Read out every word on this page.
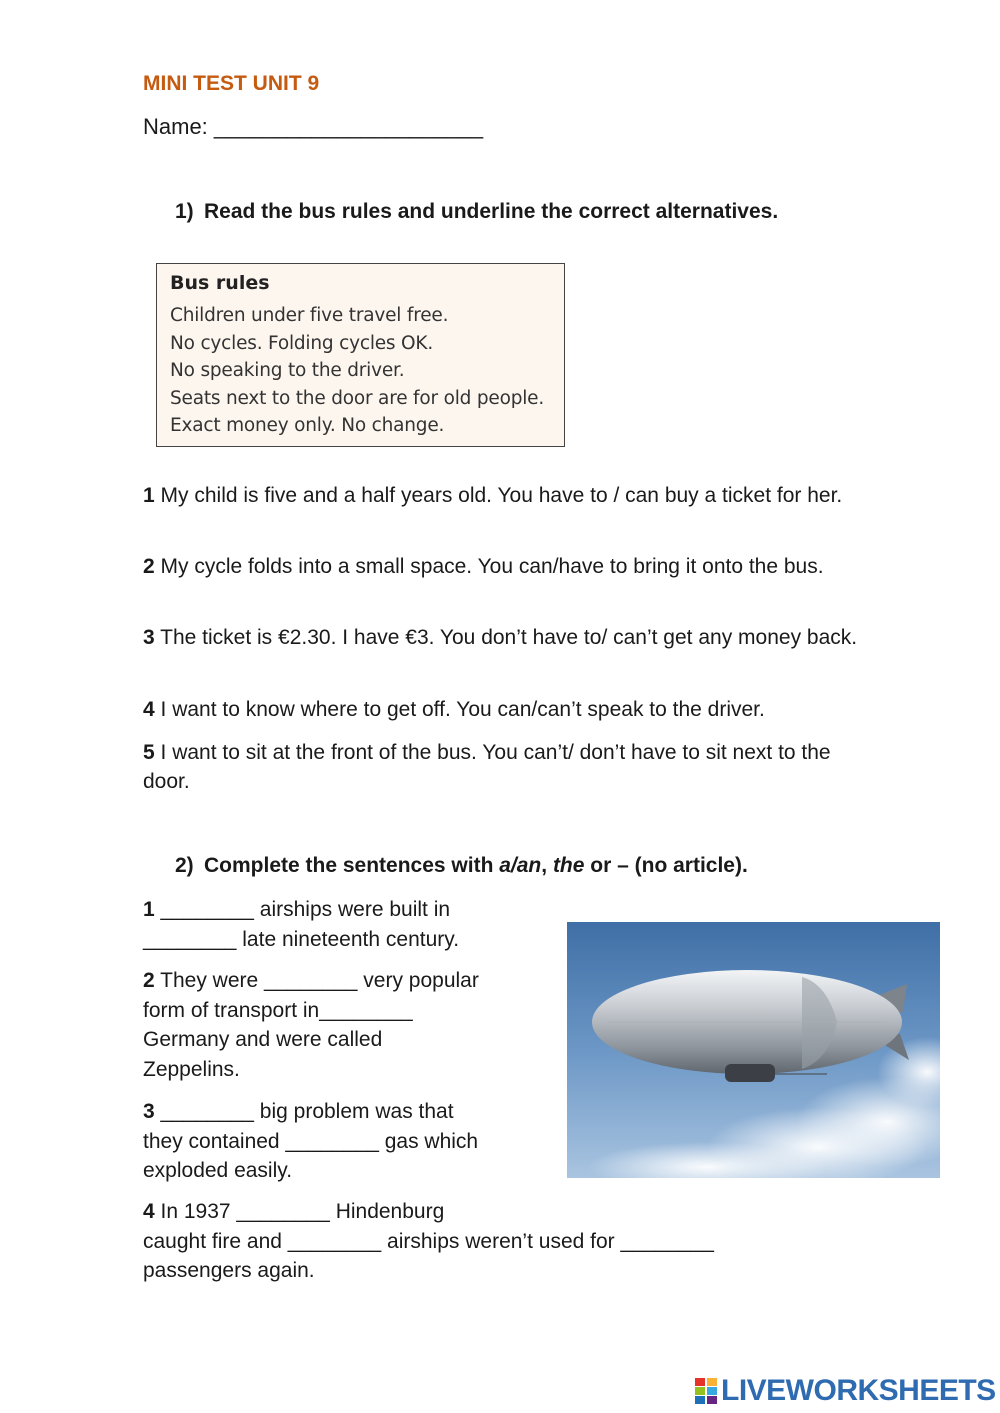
MINI TEST UNIT 9
Name: ______________________
1) Read the bus rules and underline the correct alternatives.
Bus rules
Children under five travel free.
No cycles. Folding cycles OK.
No speaking to the driver.
Seats next to the door are for old people.
Exact money only. No change.
1 My child is five and a half years old. You have to / can buy a ticket for her.
2 My cycle folds into a small space. You can/have to bring it onto the bus.
3 The ticket is €2.30. I have €3. You don’t have to/ can’t get any money back.
4 I want to know where to get off. You can/can’t speak to the driver.
5 I want to sit at the front of the bus. You can’t/ don’t have to sit next to the door.
2) Complete the sentences with a/an, the or – (no article).
1 ________ airships were built in
________ late nineteenth century.
2 They were ________ very popular
form of transport in________
Germany and were called
Zeppelins.
3 ________ big problem was that
they contained ________ gas which
exploded easily.
4 In 1937 ________ Hindenburg
caught fire and ________ airships weren’t used for ________
passengers again.
LIVEWORKSHEETS
